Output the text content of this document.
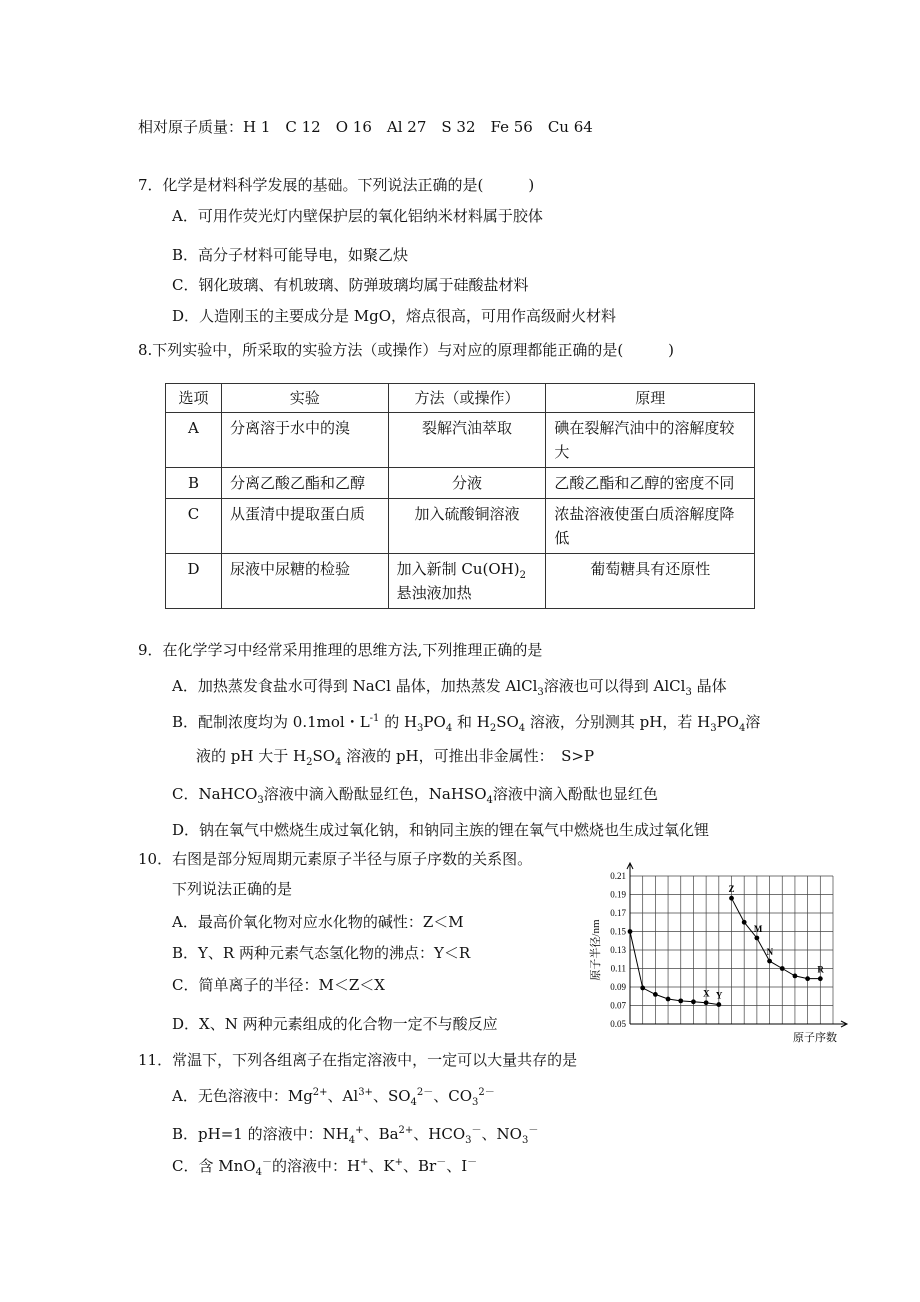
相对原子质量：H 1　C 12　O 16　Al 27　S 32　Fe 56　Cu 64
7．化学是材料科学发展的基础。下列说法正确的是(　　　)
A．可用作荧光灯内壁保护层的氧化铝纳米材料属于胶体
B．高分子材料可能导电，如聚乙炔
C．钢化玻璃、有机玻璃、防弹玻璃均属于硅酸盐材料
D．人造刚玉的主要成分是 MgO，熔点很高，可用作高级耐火材料
8.下列实验中，所采取的实验方法（或操作）与对应的原理都能正确的是(　　　)
选项	实验	方法（或操作）	原理
A	分离溶于水中的溴	裂解汽油萃取	碘在裂解汽油中的溶解度较大
B	分离乙酸乙酯和乙醇	分液	乙酸乙酯和乙醇的密度不同
C	从蛋清中提取蛋白质	加入硫酸铜溶液	浓盐溶液使蛋白质溶解度降低
D	尿液中尿糖的检验	加入新制 $Cu(OH)_2$悬浊液加热	葡萄糖具有还原性
9．在化学学习中经常采用推理的思维方法,下列推理正确的是
A．加热蒸发食盐水可得到 NaCl 晶体，加热蒸发 AlCl$_3$溶液也可以得到 AlCl$_3$ 晶体
B．配制浓度均为 0.1mol・$L^{-1}$ 的 $H_3PO_4$ 和 $H_2SO_4$ 溶液，分别测其 pH，若 $H_3PO_4$溶
液的 pH 大于 $H_2SO_4$ 溶液的 pH，可推出非金属性：　S>P
C．NaHCO$_3$溶液中滴入酚酞显红色，NaHSO$_4$溶液中滴入酚酞也显红色
D．钠在氧气中燃烧生成过氧化钠，和钠同主族的锂在氧气中燃烧也生成过氧化锂
10．右图是部分短周期元素原子半径与原子序数的关系图。
下列说法正确的是
A．最高价氧化物对应水化物的碱性：Z＜M
B．Y、R 两种元素气态氢化物的沸点：Y＜R
C．简单离子的半径：M＜Z＜X
D．X、N 两种元素组成的化合物一定不与酸反应
11．常温下，下列各组离子在指定溶液中，一定可以大量共存的是
A．无色溶液中：$Mg^{2+}$、$Al^{3+}$、$SO_4^{2-}$、$CO_3^{2-}$
B．pH=1 的溶液中：$NH_4^+$、$Ba^{2+}$、$HCO_3^-$、$NO_3^-$
C．含 MnO$_4$－的溶液中：H+、K+、Br－、I－
0.21
0.19
0.17
0.15
0.13
0.11
0.09
0.07
0.05
X Y
Z
M
N
R
原子半径/nm
原子序数
